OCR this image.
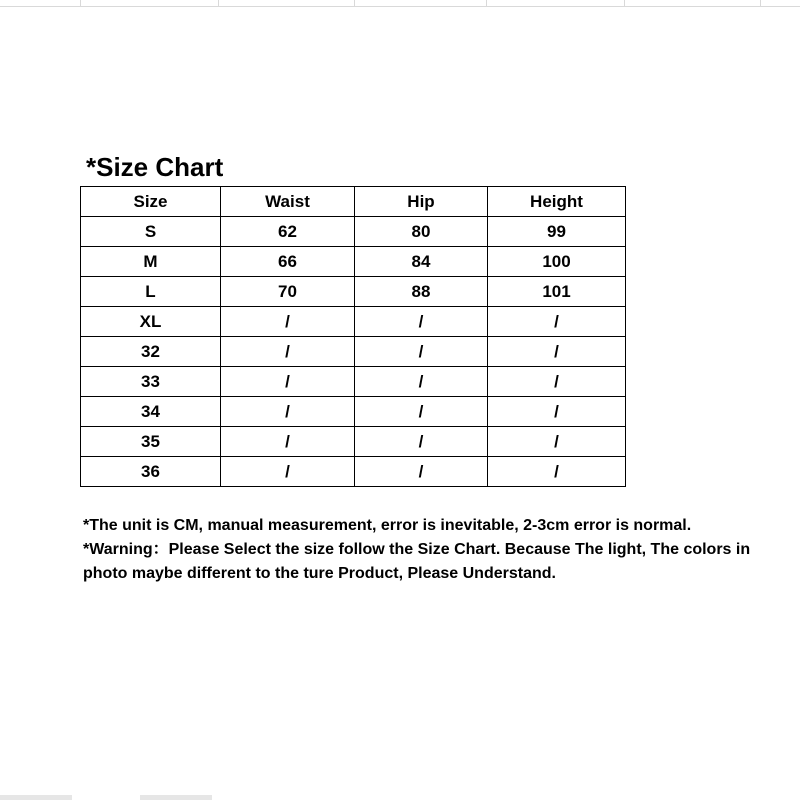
*Size Chart
Size	Waist	Hip	Height
S	62	80	99
M	66	84	100
L	70	88	101
XL	/	/	/
32	/	/	/
33	/	/	/
34	/	/	/
35	/	/	/
36	/	/	/

*The unit is CM, manual measurement, error is inevitable, 2-3cm error is normal.

*Warning：Please Select the size follow the Size Chart. Because The light, The colors in photo maybe different to the ture Product, Please Understand.
